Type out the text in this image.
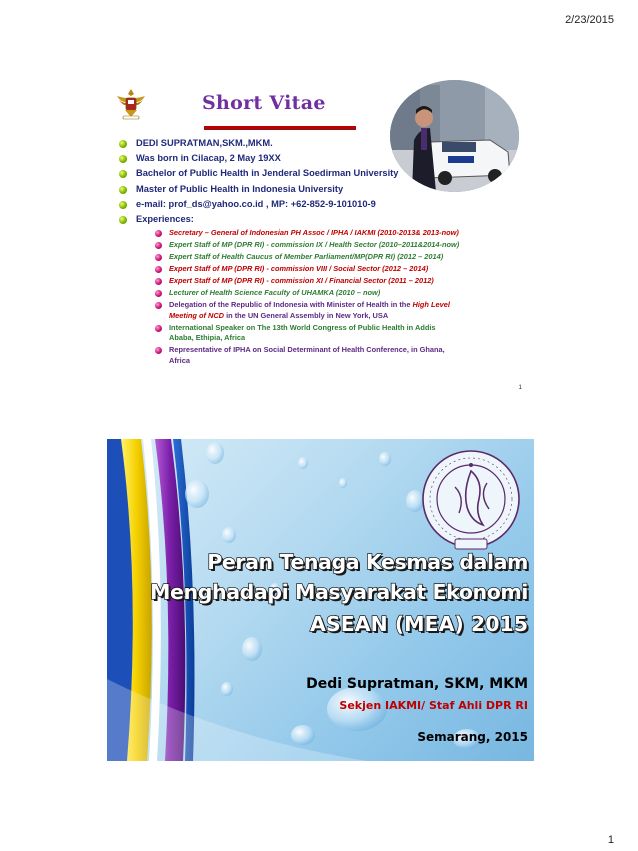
2/23/2015
Short Vitae
DEDI SUPRATMAN,SKM.,MKM.
Was born in Cilacap, 2 May 19XX
Bachelor of Public Health in Jenderal Soedirman University
Master of Public Health in Indonesia University
e-mail: prof_ds@yahoo.co.id , MP: +62-852-9-101010-9
Experiences:
Secretary – General of Indonesian PH Assoc / IPHA / IAKMI (2010-2013& 2013-now)
Expert Staff of MP (DPR RI) - commission IX / Health Sector (2010–2011&2014-now)
Expert Staff of Health Caucus of Member Parliament/MP(DPR RI) (2012 – 2014)
Expert Staff of MP (DPR RI) - commission VIII / Social Sector (2012 – 2014)
Expert Staff of MP (DPR RI) - commission XI / Financial Sector (2011 – 2012)
Lecturer of Health Science Faculty of UHAMKA (2010 – now)
Delegation of the Republic of Indonesia with Minister of Health in the High Level
Meeting of NCD in the UN General Assembly in New York, USA
International Speaker on The 13th World Congress of Public Health in Addis
Ababa, Ethipia, Africa
Representative of IPHA on Social Determinant of Health Conference, in Ghana,
Africa
1
Peran Tenaga Kesmas dalam
Menghadapi Masyarakat Ekonomi
ASEAN (MEA) 2015
Dedi Supratman, SKM, MKM
Sekjen IAKMI/ Staf Ahli DPR RI
Semarang, 2015
1
